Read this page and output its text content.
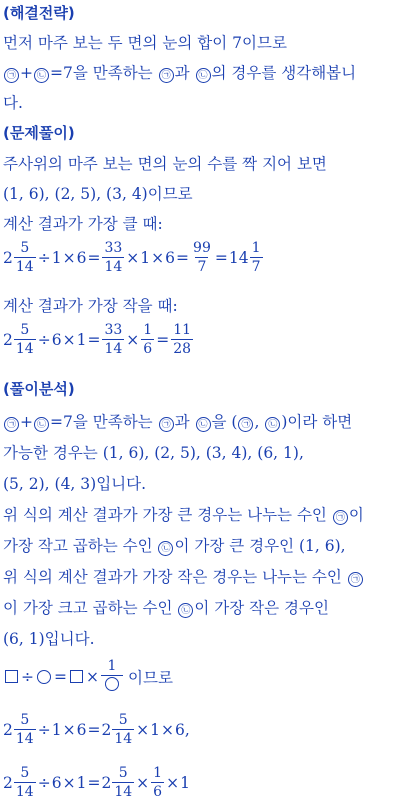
(해결전략)
먼저 마주 보는 두 면의 눈의 합이 7이므로
㉠ + ㉡ =7을 만족하는 ㉠ 과 ㉡ 의 경우를 생각해봅니
다.
(문제풀이)
주사위의 마주 보는 면의 눈의 수를 짝 지어 보면
(1, 6), (2, 5), (3, 4)이므로
계산 결과가 가장 클 때:
$2 \frac{5}{14} \div 1 \times 6 = \frac{33}{14} \times 1 \times 6 = \frac{99}{7} = 14 \frac{1}{7}$
계산 결과가 가장 작을 때:
$2 \frac{5}{14} \div 6 \times 1 = \frac{33}{14} \times \frac{1}{6} = \frac{11}{28}$
(풀이분석)
㉠ + ㉡ =7을 만족하는 ㉠ 과 ㉡ 을 ( ㉠ , ㉡ )이라 하면
가능한 경우는 (1, 6), (2, 5), (3, 4), (6, 1),
(5, 2), (4, 3)입니다.
위 식의 계산 결과가 가장 큰 경우는 나누는 수인 ㉠ 이
가장 작고 곱하는 수인 ㉡ 이 가장 큰 경우인 (1, 6),
위 식의 계산 결과가 가장 작은 경우는 나누는 수인 ㉠
이 가장 크고 곱하는 수인 ㉡ 이 가장 작은 경우인
(6, 1)입니다.
÷ = ×
1
이므로
$2 \frac{5}{14} \div 1 \times 6 = 2 \frac{5}{14} \times 1 \times 6$ ,
$2 \frac{5}{14} \div 6 \times 1 = 2 \frac{5}{14} \times \frac{1}{6} \times 1$
